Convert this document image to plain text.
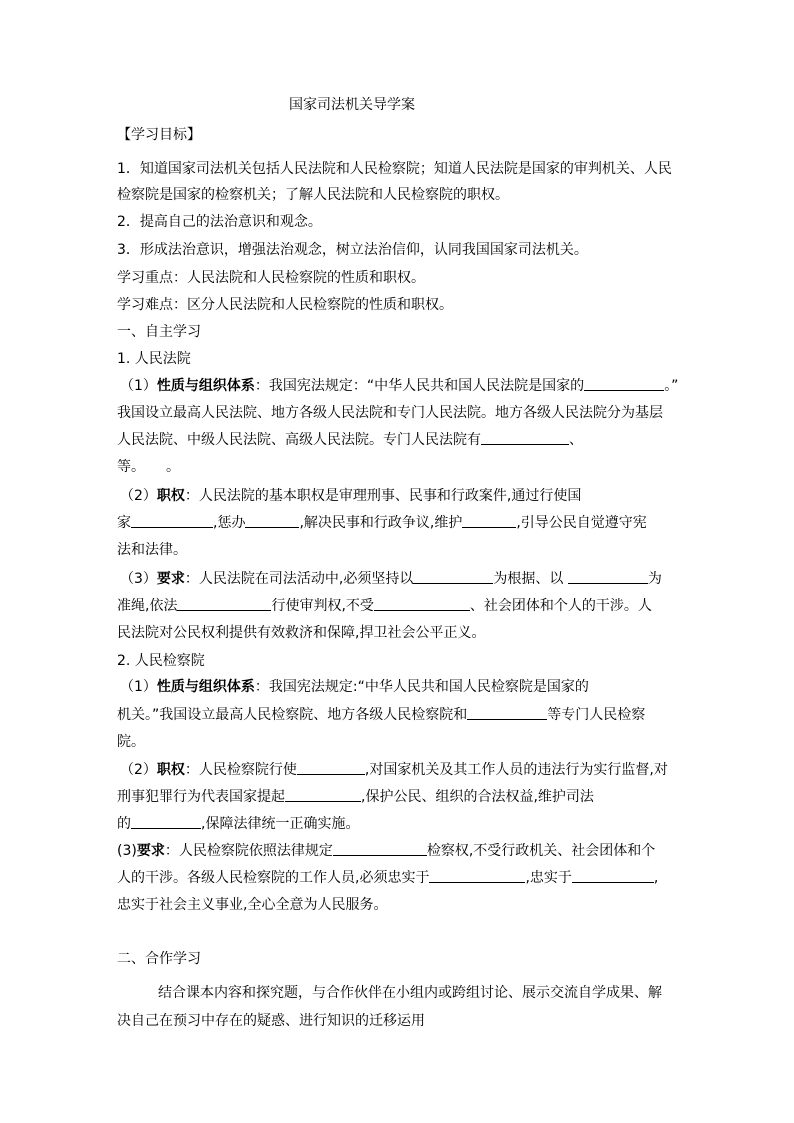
国家司法机关导学案
【学习目标】
1．知道国家司法机关包括人民法院和人民检察院；知道人民法院是国家的审判机关、人民
检察院是国家的检察机关；了解人民法院和人民检察院的职权。
2．提高自己的法治意识和观念。
3．形成法治意识，增强法治观念，树立法治信仰，认同我国国家司法机关。
学习重点：人民法院和人民检察院的性质和职权。
学习难点：区分人民法院和人民检察院的性质和职权。
一、自主学习
1. 人民法院
（1）性质与组织体系：我国宪法规定：“中华人民共和国人民法院是国家的	。”
我国设立最高人民法院、地方各级人民法院和专门人民法院。地方各级人民法院分为基层
人民法院、中级人民法院、高级人民法院。专门人民法院有	、
等。　　。
（2）职权：人民法院的基本职权是审理刑事、民事和行政案件,通过行使国
家	,惩办	,解决民事和行政争议,维护	,引导公民自觉遵守宪
法和法律。
（3）要求：人民法院在司法活动中,必须坚持以	为根据、以	为
准绳,依法	行使审判权,不受	、社会团体和个人的干涉。人
民法院对公民权利提供有效救济和保障,捍卫社会公平正义。
2. 人民检察院
（1）性质与组织体系：我国宪法规定:“中华人民共和国人民检察院是国家的
机关。”我国设立最高人民检察院、地方各级人民检察院和	等专门人民检察
院。
（2）职权：人民检察院行使	,对国家机关及其工作人员的违法行为实行监督,对
刑事犯罪行为代表国家提起	,保护公民、组织的合法权益,维护司法
的	,保障法律统一正确实施。
(3)要求：人民检察院依照法律规定	检察权,不受行政机关、社会团体和个
人的干涉。各级人民检察院的工作人员,必须忠实于	,忠实于	,
忠实于社会主义事业,全心全意为人民服务。
二、合作学习
结合课本内容和探究题，与合作伙伴在小组内或跨组讨论、展示交流自学成果、解
决自己在预习中存在的疑惑、进行知识的迁移运用
